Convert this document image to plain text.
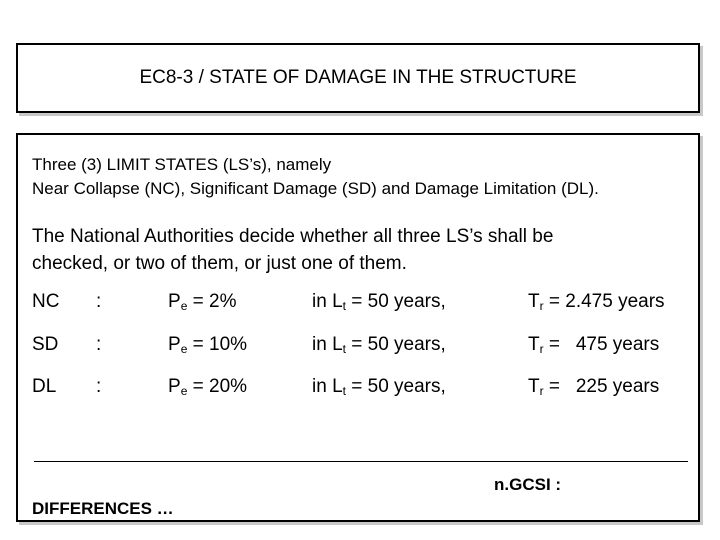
EC8-3 / STATE OF DAMAGE IN THE STRUCTURE
Three (3) LIMIT STATES (LS’s), namely
Near Collapse (NC), Significant Damage (SD) and Damage Limitation (DL).
The National Authorities decide whether all three LS’s shall be
checked, or two of them, or just one of them.
NC :	$P_e = 2\%$	in $L_t = 50$ years,	$T_r = 2.475$ years
SD :	$P_e = 10\%$	in $L_t = 50$ years,	$T_r = 475$ years
DL :	$P_e = 20\%$	in $L_t = 50$ years,	$T_r = 225$ years
n.GCSI :
DIFFERENCES …
